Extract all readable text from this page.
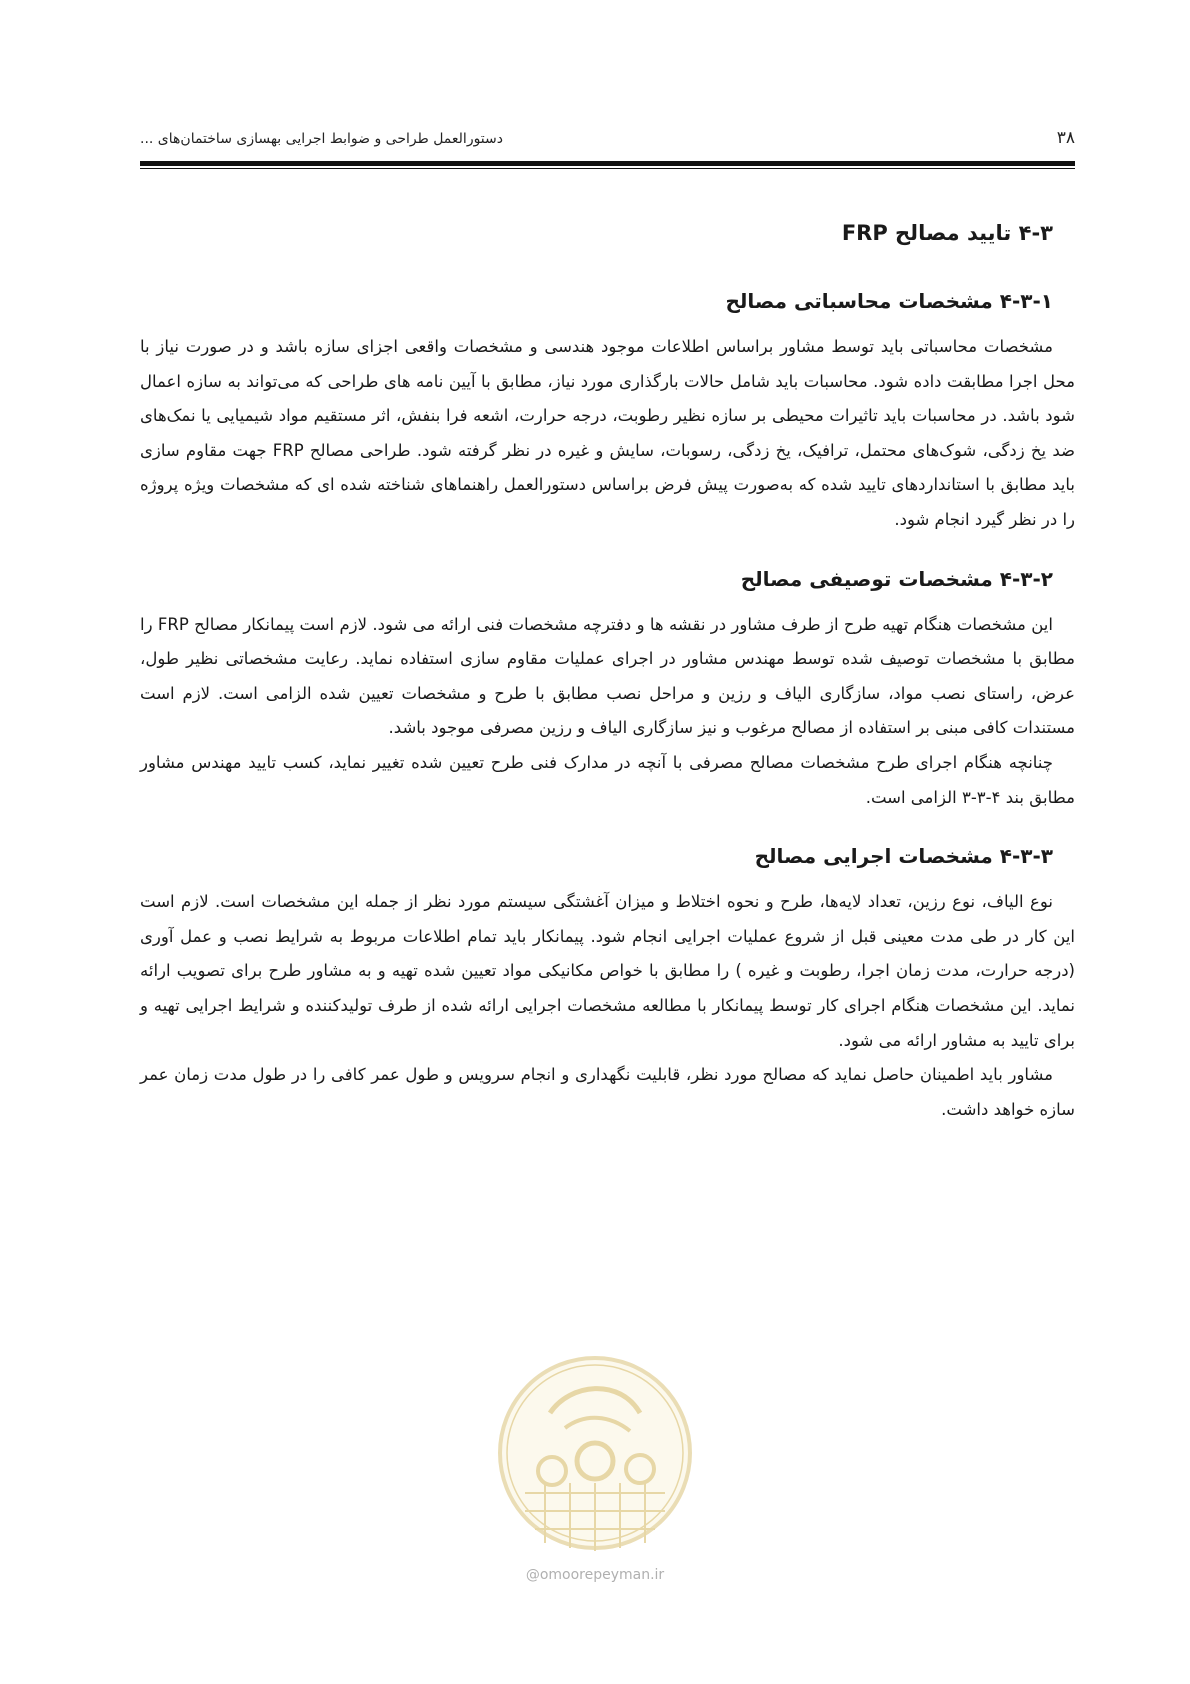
دستورالعمل طراحی و ضوابط اجرایی بهسازی ساختمان‌های ...	۳۸
۴-۳ تایید مصالح FRP
۴-۳-۱ مشخصات محاسباتی مصالح

مشخصات محاسباتی باید توسط مشاور براساس اطلاعات موجود هندسی و مشخصات واقعی اجزای سازه باشد و در صورت نیاز با محل اجرا مطابقت داده شود. محاسبات باید شامل حالات بارگذاری مورد نیاز، مطابق با آیین نامه های طراحی که می‌تواند به سازه اعمال شود باشد. در محاسبات باید تاثیرات محیطی بر سازه نظیر رطوبت، درجه حرارت، اشعه فرا بنفش، اثر مستقیم مواد شیمیایی یا نمک‌های ضد یخ زدگی، شوک‌های محتمل، ترافیک، یخ زدگی، رسوبات، سایش و غیره در نظر گرفته شود. طراحی مصالح FRP جهت مقاوم سازی باید مطابق با استانداردهای تایید شده که به‌صورت پیش فرض براساس دستورالعمل راهنماهای شناخته شده ای که مشخصات ویژه پروژه را در نظر گیرد انجام شود.

۴-۳-۲ مشخصات توصیفی مصالح

این مشخصات هنگام تهیه طرح از طرف مشاور در نقشه ها و دفترچه مشخصات فنی ارائه می شود. لازم است پیمانکار مصالح FRP را مطابق با مشخصات توصیف شده توسط مهندس مشاور در اجرای عملیات مقاوم سازی استفاده نماید. رعایت مشخصاتی نظیر طول، عرض، راستای نصب مواد، سازگاری الیاف و رزین و مراحل نصب مطابق با طرح و مشخصات تعیین شده الزامی است. لازم است مستندات کافی مبنی بر استفاده از مصالح مرغوب و نیز سازگاری الیاف و رزین مصرفی موجود باشد.

چنانچه هنگام اجرای طرح مشخصات مصالح مصرفی با آنچه در مدارک فنی طرح تعیین شده تغییر نماید، کسب تایید مهندس مشاور مطابق بند ۴-۳-۳ الزامی است.

۴-۳-۳ مشخصات اجرایی مصالح

نوع الیاف، نوع رزین، تعداد لایه‌ها، طرح و نحوه اختلاط و میزان آغشتگی سیستم مورد نظر از جمله این مشخصات است. لازم است این کار در طی مدت معینی قبل از شروع عملیات اجرایی انجام شود. پیمانکار باید تمام اطلاعات مربوط به شرایط نصب و عمل آوری (درجه حرارت، مدت زمان اجرا، رطوبت و غیره ) را مطابق با خواص مکانیکی مواد تعیین شده تهیه و به مشاور طرح برای تصویب ارائه نماید. این مشخصات هنگام اجرای کار توسط پیمانکار با مطالعه مشخصات اجرایی ارائه شده از طرف تولیدکننده و شرایط اجرایی تهیه و برای تایید به مشاور ارائه می شود.

مشاور باید اطمینان حاصل نماید که مصالح مورد نظر، قابلیت نگهداری و انجام سرویس و طول عمر کافی را در طول مدت زمان عمر سازه خواهد داشت.

@omoorepeyman.ir
